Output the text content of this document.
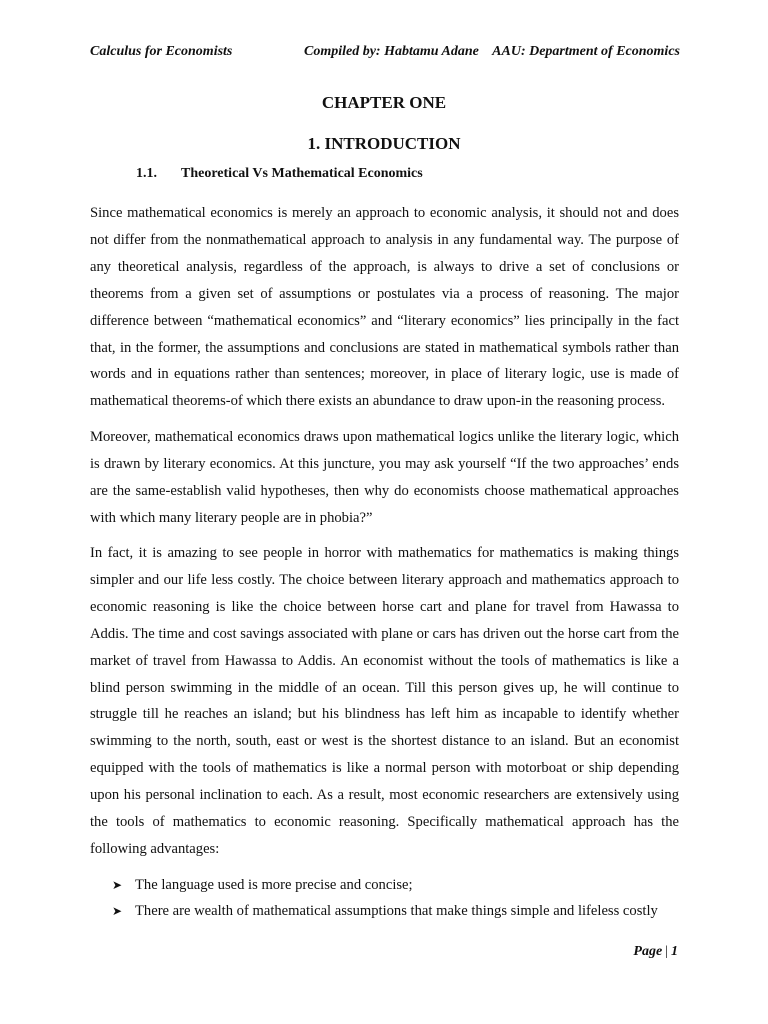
Calculus for Economists	Compiled by: Habtamu Adane AAU: Department of Economics
CHAPTER ONE
1. INTRODUCTION
1.1. Theoretical Vs Mathematical Economics

Since mathematical economics is merely an approach to economic analysis, it should not and does not differ from the nonmathematical approach to analysis in any fundamental way. The purpose of any theoretical analysis, regardless of the approach, is always to drive a set of conclusions or theorems from a given set of assumptions or postulates via a process of reasoning. The major difference between “mathematical economics” and “literary economics” lies principally in the fact that, in the former, the assumptions and conclusions are stated in mathematical symbols rather than words and in equations rather than sentences; moreover, in place of literary logic, use is made of mathematical theorems-of which there exists an abundance to draw upon-in the reasoning process.

Moreover, mathematical economics draws upon mathematical logics unlike the literary logic, which is drawn by literary economics. At this juncture, you may ask yourself “If the two approaches’ ends are the same-establish valid hypotheses, then why do economists choose mathematical approaches with which many literary people are in phobia?”

In fact, it is amazing to see people in horror with mathematics for mathematics is making things simpler and our life less costly. The choice between literary approach and mathematics approach to economic reasoning is like the choice between horse cart and plane for travel from Hawassa to Addis. The time and cost savings associated with plane or cars has driven out the horse cart from the market of travel from Hawassa to Addis. An economist without the tools of mathematics is like a blind person swimming in the middle of an ocean. Till this person gives up, he will continue to struggle till he reaches an island; but his blindness has left him as incapable to identify whether swimming to the north, south, east or west is the shortest distance to an island. But an economist equipped with the tools of mathematics is like a normal person with motorboat or ship depending upon his personal inclination to each. As a result, most economic researchers are extensively using the tools of mathematics to economic reasoning. Specifically mathematical approach has the following advantages:

➤ The language used is more precise and concise;
➤ There are wealth of mathematical assumptions that make things simple and lifeless costly
Page | 1
